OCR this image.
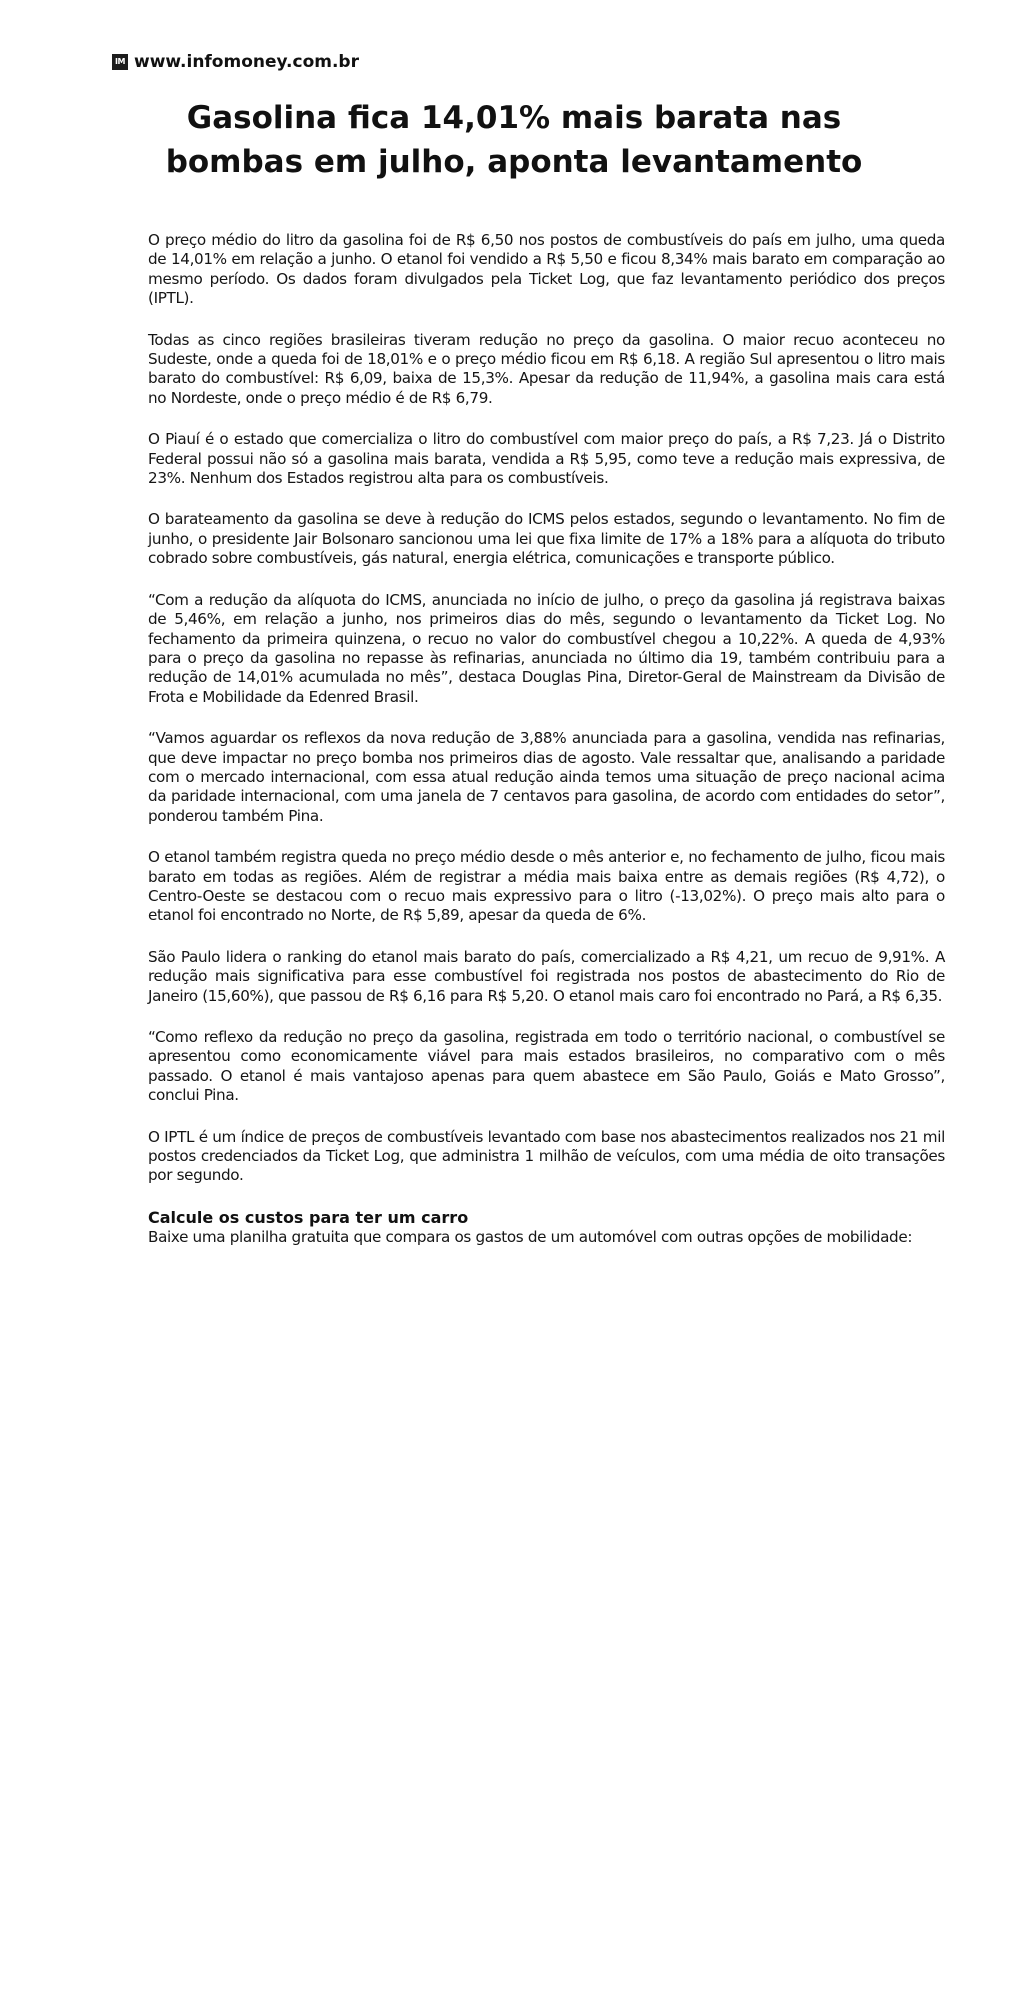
IM www.infomoney.com.br
Gasolina fica 14,01% mais barata nas bombas em julho, aponta levantamento

O preço médio do litro da gasolina foi de R$ 6,50 nos postos de combustíveis do país em julho, uma queda de 14,01% em relação a junho. O etanol foi vendido a R$ 5,50 e ficou 8,34% mais barato em comparação ao mesmo período. Os dados foram divulgados pela Ticket Log, que faz levantamento periódico dos preços (IPTL).

Todas as cinco regiões brasileiras tiveram redução no preço da gasolina. O maior recuo aconteceu no Sudeste, onde a queda foi de 18,01% e o preço médio ficou em R$ 6,18. A região Sul apresentou o litro mais barato do combustível: R$ 6,09, baixa de 15,3%. Apesar da redução de 11,94%, a gasolina mais cara está no Nordeste, onde o preço médio é de R$ 6,79.

O Piauí é o estado que comercializa o litro do combustível com maior preço do país, a R$ 7,23. Já o Distrito Federal possui não só a gasolina mais barata, vendida a R$ 5,95, como teve a redução mais expressiva, de 23%. Nenhum dos Estados registrou alta para os combustíveis.

O barateamento da gasolina se deve à redução do ICMS pelos estados, segundo o levantamento. No fim de junho, o presidente Jair Bolsonaro sancionou uma lei que fixa limite de 17% a 18% para a alíquota do tributo cobrado sobre combustíveis, gás natural, energia elétrica, comunicações e transporte público.

“Com a redução da alíquota do ICMS, anunciada no início de julho, o preço da gasolina já registrava baixas de 5,46%, em relação a junho, nos primeiros dias do mês, segundo o levantamento da Ticket Log. No fechamento da primeira quinzena, o recuo no valor do combustível chegou a 10,22%. A queda de 4,93% para o preço da gasolina no repasse às refinarias, anunciada no último dia 19, também contribuiu para a redução de 14,01% acumulada no mês”, destaca Douglas Pina, Diretor-Geral de Mainstream da Divisão de Frota e Mobilidade da Edenred Brasil.

“Vamos aguardar os reflexos da nova redução de 3,88% anunciada para a gasolina, vendida nas refinarias, que deve impactar no preço bomba nos primeiros dias de agosto. Vale ressaltar que, analisando a paridade com o mercado internacional, com essa atual redução ainda temos uma situação de preço nacional acima da paridade internacional, com uma janela de 7 centavos para gasolina, de acordo com entidades do setor”, ponderou também Pina.

O etanol também registra queda no preço médio desde o mês anterior e, no fechamento de julho, ficou mais barato em todas as regiões. Além de registrar a média mais baixa entre as demais regiões (R$ 4,72), o Centro-Oeste se destacou com o recuo mais expressivo para o litro (-13,02%). O preço mais alto para o etanol foi encontrado no Norte, de R$ 5,89, apesar da queda de 6%.

São Paulo lidera o ranking do etanol mais barato do país, comercializado a R$ 4,21, um recuo de 9,91%. A redução mais significativa para esse combustível foi registrada nos postos de abastecimento do Rio de Janeiro (15,60%), que passou de R$ 6,16 para R$ 5,20. O etanol mais caro foi encontrado no Pará, a R$ 6,35.

“Como reflexo da redução no preço da gasolina, registrada em todo o território nacional, o combustível se apresentou como economicamente viável para mais estados brasileiros, no comparativo com o mês passado. O etanol é mais vantajoso apenas para quem abastece em São Paulo, Goiás e Mato Grosso”, conclui Pina.

O IPTL é um índice de preços de combustíveis levantado com base nos abastecimentos realizados nos 21 mil postos credenciados da Ticket Log, que administra 1 milhão de veículos, com uma média de oito transações por segundo.

Calcule os custos para ter um carro

Baixe uma planilha gratuita que compara os gastos de um automóvel com outras opções de mobilidade:
